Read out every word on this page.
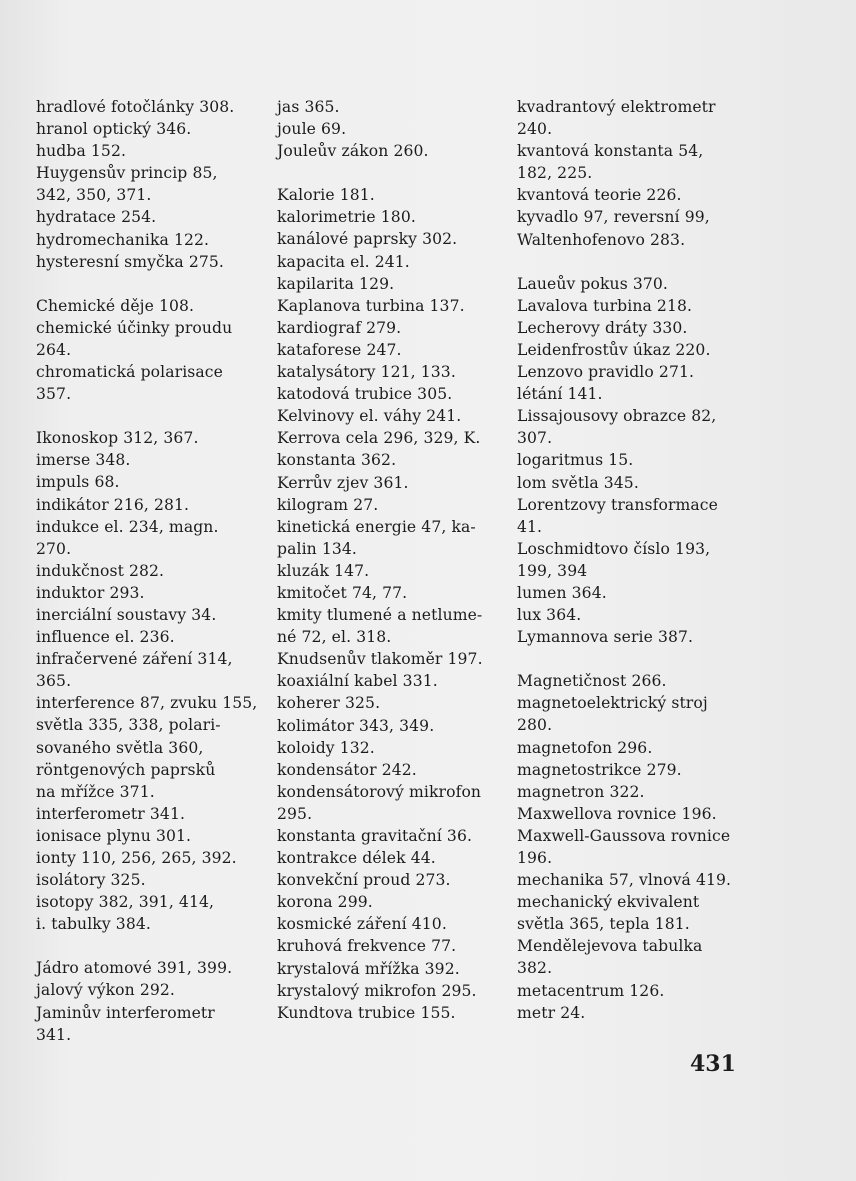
hradlové fotočlánky 308.
hranol optický 346.
hudba 152.
Huygensův princip 85,
342, 350, 371.
hydratace 254.
hydromechanika 122.
hysteresní smyčka 275.
Chemické děje 108.
chemické účinky proudu
264.
chromatická polarisace
357.
Ikonoskop 312, 367.
imerse 348.
impuls 68.
indikátor 216, 281.
indukce el. 234, magn.
270.
indukčnost 282.
induktor 293.
inerciální soustavy 34.
influence el. 236.
infračervené záření 314,
365.
interference 87, zvuku 155,
světla 335, 338, polari-
sovaného světla 360,
röntgenových paprsků
na mřížce 371.
interferometr 341.
ionisace plynu 301.
ionty 110, 256, 265, 392.
isolátory 325.
isotopy 382, 391, 414,
i. tabulky 384.
Jádro atomové 391, 399.
jalový výkon 292.
Jaminův interferometr
341.
jas 365.
joule 69.
Jouleův zákon 260.
Kalorie 181.
kalorimetrie 180.
kanálové paprsky 302.
kapacita el. 241.
kapilarita 129.
Kaplanova turbina 137.
kardiograf 279.
kataforese 247.
katalysátory 121, 133.
katodová trubice 305.
Kelvinovy el. váhy 241.
Kerrova cela 296, 329, K.
konstanta 362.
Kerrův zjev 361.
kilogram 27.
kinetická energie 47, ka-
palin 134.
kluzák 147.
kmitočet 74, 77.
kmity tlumené a netlume-
né 72, el. 318.
Knudsenův tlakoměr 197.
koaxiální kabel 331.
koherer 325.
kolimátor 343, 349.
koloidy 132.
kondensátor 242.
kondensátorový mikrofon
295.
konstanta gravitační 36.
kontrakce délek 44.
konvekční proud 273.
korona 299.
kosmické záření 410.
kruhová frekvence 77.
krystalová mřížka 392.
krystalový mikrofon 295.
Kundtova trubice 155.
kvadrantový elektrometr
240.
kvantová konstanta 54,
182, 225.
kvantová teorie 226.
kyvadlo 97, reversní 99,
Waltenhofenovo 283.
Laueův pokus 370.
Lavalova turbina 218.
Lecherovy dráty 330.
Leidenfrostův úkaz 220.
Lenzovo pravidlo 271.
létání 141.
Lissajousovy obrazce 82,
307.
logaritmus 15.
lom světla 345.
Lorentzovy transformace
41.
Loschmidtovo číslo 193,
199, 394
lumen 364.
lux 364.
Lymannova serie 387.
Magnetičnost 266.
magnetoelektrický stroj
280.
magnetofon 296.
magnetostrikce 279.
magnetron 322.
Maxwellova rovnice 196.
Maxwell-Gaussova rovnice
196.
mechanika 57, vlnová 419.
mechanický ekvivalent
světla 365, tepla 181.
Mendělejevova tabulka
382.
metacentrum 126.
metr 24.
431
